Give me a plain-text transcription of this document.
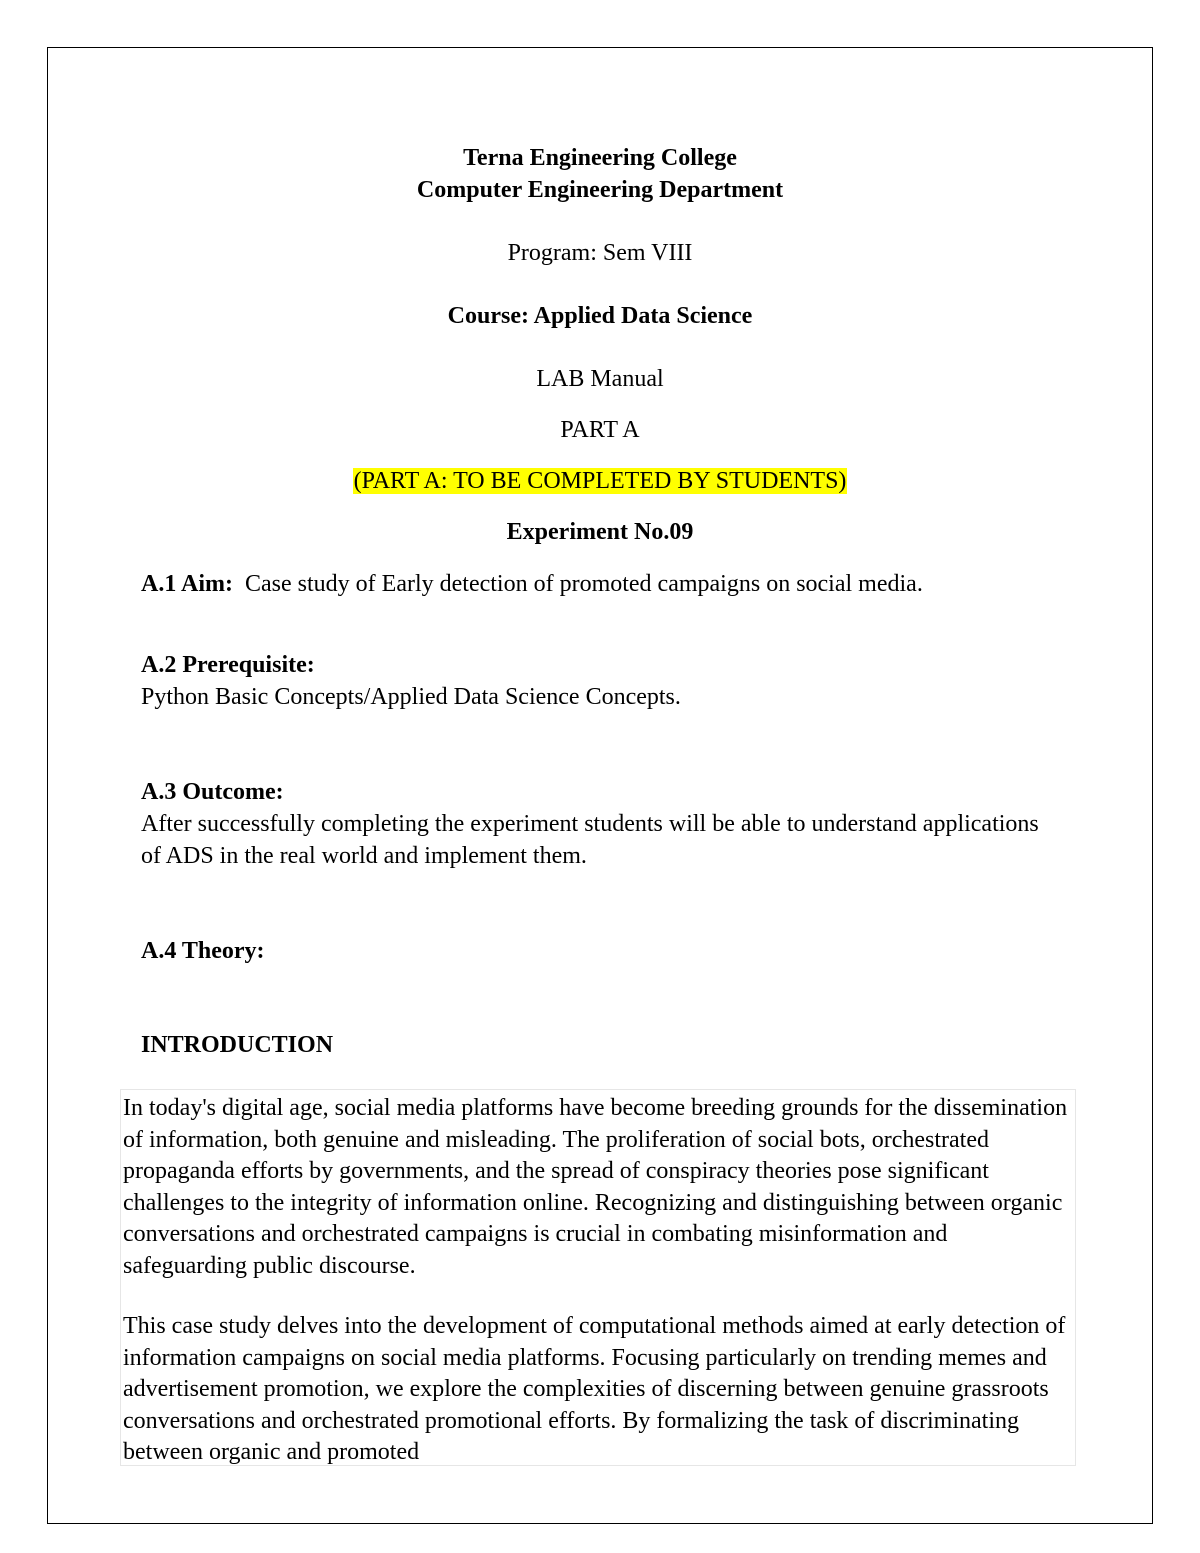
Terna Engineering College
Computer Engineering Department
Program: Sem VIII
Course: Applied Data Science
LAB Manual
PART A
(PART A: TO BE COMPLETED BY STUDENTS)
Experiment No.09
A.1 Aim: Case study of Early detection of promoted campaigns on social media.
A.2 Prerequisite:
Python Basic Concepts/Applied Data Science Concepts.
A.3 Outcome:
After successfully completing the experiment students will be able to understand applications of ADS in the real world and implement them.
A.4 Theory:
INTRODUCTION

In today's digital age, social media platforms have become breeding grounds for the dissemination of information, both genuine and misleading. The proliferation of social bots, orchestrated propaganda efforts by governments, and the spread of conspiracy theories pose significant challenges to the integrity of information online. Recognizing and distinguishing between organic conversations and orchestrated campaigns is crucial in combating misinformation and safeguarding public discourse.

This case study delves into the development of computational methods aimed at early detection of information campaigns on social media platforms. Focusing particularly on trending memes and advertisement promotion, we explore the complexities of discerning between genuine grassroots conversations and orchestrated promotional efforts. By formalizing the task of discriminating between organic and promoted
